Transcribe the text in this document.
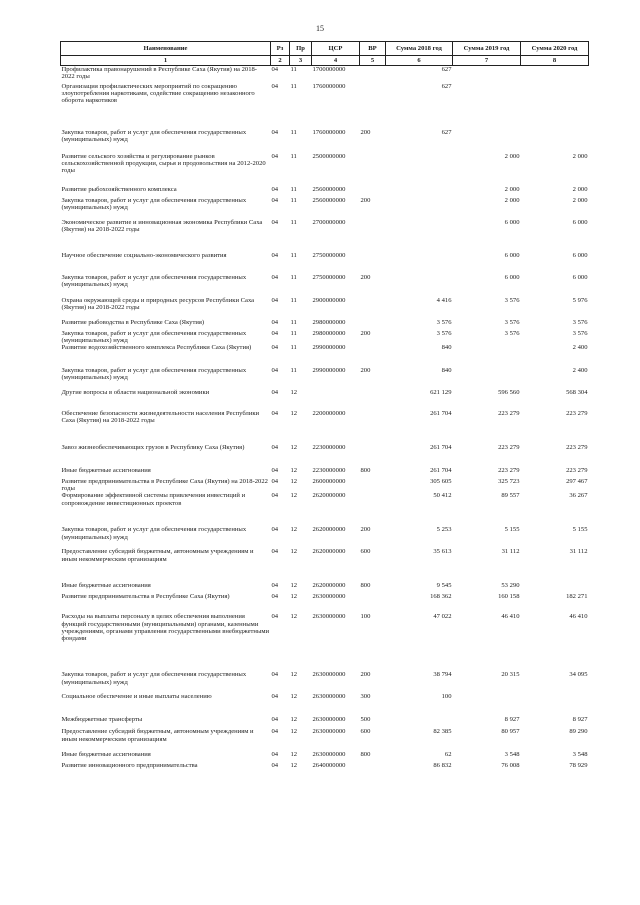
15
Наименование	Рз	Пр	ЦСР	ВР	Сумма 2018 год	Сумма 2019 год	Сумма 2020 год
1	2	3	4	5	6	7	8
Профилактика правонарушений в Республике Саха (Якутия) на 2018-2022 годы	04	11	1700000000		627		
Организация профилактических мероприятий по сокращению злоупотребления наркотиками, содействие сокращению незаконного оборота наркотиков	04	11	1760000000		627		
Закупка товаров, работ и услуг для обеспечения государственных (муниципальных) нужд	04	11	1760000000	200	627		
Развитие сельского хозяйства и регулирование рынков сельскохозяйственной продукции, сырья и продовольствия на 2012-2020 годы	04	11	2500000000			2 000	2 000
Развитие рыбохозяйственного комплекса	04	11	2560000000			2 000	2 000
Закупка товаров, работ и услуг для обеспечения государственных (муниципальных) нужд	04	11	2560000000	200		2 000	2 000
Экономическое развитие и инновационная экономика Республики Саха (Якутия) на 2018-2022 годы	04	11	2700000000			6 000	6 000
Научное обеспечение социально-экономического развития	04	11	2750000000			6 000	6 000
Закупка товаров, работ и услуг для обеспечения государственных (муниципальных) нужд	04	11	2750000000	200		6 000	6 000
Охрана окружающей среды и природных ресурсов Республики Саха (Якутия) на 2018-2022 годы	04	11	2900000000		4 416	3 576	5 976
Развитие рыбоводства в Республике Саха (Якутия)	04	11	2980000000		3 576	3 576	3 576
Закупка товаров, работ и услуг для обеспечения государственных (муниципальных) нужд	04	11	2980000000	200	3 576	3 576	3 576
Развитие водохозяйственного комплекса Республики Саха (Якутия)	04	11	2990000000		840		2 400
Закупка товаров, работ и услуг для обеспечения государственных (муниципальных) нужд	04	11	2990000000	200	840		2 400
Другие вопросы в области национальной экономики	04	12			621 129	596 560	568 304
Обеспечение безопасности жизнедеятельности населения Республики Саха (Якутия) на 2018-2022 годы	04	12	2200000000		261 704	223 279	223 279
Завоз жизнеобеспечивающих грузов в Республику Саха (Якутия)	04	12	2230000000		261 704	223 279	223 279
Иные бюджетные ассигнования	04	12	2230000000	800	261 704	223 279	223 279
Развитие предпринимательства в Республике Саха (Якутия) на 2018-2022 годы	04	12	2600000000		305 605	325 723	297 467
Формирование эффективной системы привлечения инвестиций и сопровождение инвестиционных проектов	04	12	2620000000		50 412	89 557	36 267
Закупка товаров, работ и услуг для обеспечения государственных (муниципальных) нужд	04	12	2620000000	200	5 253	5 155	5 155
Предоставление субсидий бюджетным, автономным учреждениям и иным некоммерческим организациям	04	12	2620000000	600	35 613	31 112	31 112
Иные бюджетные ассигнования	04	12	2620000000	800	9 545	53 290	
Развитие предпринимательства в Республике Саха (Якутия)	04	12	2630000000		168 362	160 158	182 271
Расходы на выплаты персоналу в целях обеспечения выполнения функций государственными (муниципальными) органами, казенными учреждениями, органами управления государственными внебюджетными фондами	04	12	2630000000	100	47 022	46 410	46 410
Закупка товаров, работ и услуг для обеспечения государственных (муниципальных) нужд	04	12	2630000000	200	38 794	20 315	34 095
Социальное обеспечение и иные выплаты населению	04	12	2630000000	300	100		
Межбюджетные трансферты	04	12	2630000000	500		8 927	8 927
Предоставление субсидий бюджетным, автономным учреждениям и иным некоммерческим организациям	04	12	2630000000	600	82 385	80 957	89 290
Иные бюджетные ассигнования	04	12	2630000000	800	62	3 548	3 548
Развитие инновационного предпринимательства	04	12	2640000000		86 832	76 008	78 929
